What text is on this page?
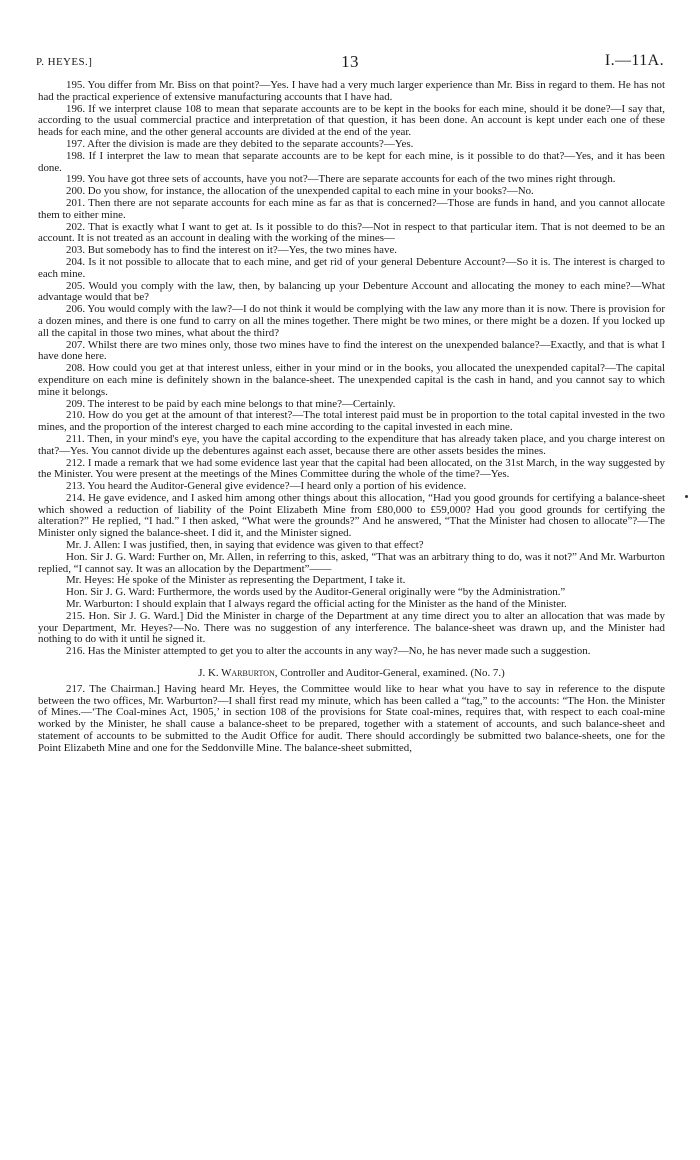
P. HEYES.]	13	I.—11A.

195. You differ from Mr. Biss on that point?—Yes. I have had a very much larger experience than Mr. Biss in regard to them. He has not had the practical experience of extensive manufacturing accounts that I have had.

196. If we interpret clause 108 to mean that separate accounts are to be kept in the books for each mine, should it be done?—I say that, according to the usual commercial practice and interpretation of that question, it has been done. An account is kept under each one of these heads for each mine, and the other general accounts are divided at the end of the year.

197. After the division is made are they debited to the separate accounts?—Yes.

198. If I interpret the law to mean that separate accounts are to be kept for each mine, is it possible to do that?—Yes, and it has been done.

199. You have got three sets of accounts, have you not?—There are separate accounts for each of the two mines right through.

200. Do you show, for instance, the allocation of the unexpended capital to each mine in your books?—No.

201. Then there are not separate accounts for each mine as far as that is concerned?—Those are funds in hand, and you cannot allocate them to either mine.

202. That is exactly what I want to get at. Is it possible to do this?—Not in respect to that particular item. That is not deemed to be an account. It is not treated as an account in dealing with the working of the mines—

203. But somebody has to find the interest on it?—Yes, the two mines have.

204. Is it not possible to allocate that to each mine, and get rid of your general Debenture Account?—So it is. The interest is charged to each mine.

205. Would you comply with the law, then, by balancing up your Debenture Account and allocating the money to each mine?—What advantage would that be?

206. You would comply with the law?—I do not think it would be complying with the law any more than it is now. There is provision for a dozen mines, and there is one fund to carry on all the mines together. There might be two mines, or there might be a dozen. If you locked up all the capital in those two mines, what about the third?

207. Whilst there are two mines only, those two mines have to find the interest on the unexpended balance?—Exactly, and that is what I have done here.

208. How could you get at that interest unless, either in your mind or in the books, you allocated the unexpended capital?—The capital expenditure on each mine is definitely shown in the balance-sheet. The unexpended capital is the cash in hand, and you cannot say to which mine it belongs.

209. The interest to be paid by each mine belongs to that mine?—Certainly.

210. How do you get at the amount of that interest?—The total interest paid must be in proportion to the total capital invested in the two mines, and the proportion of the interest charged to each mine according to the capital invested in each mine.

211. Then, in your mind's eye, you have the capital according to the expenditure that has already taken place, and you charge interest on that?—Yes. You cannot divide up the debentures against each asset, because there are other assets besides the mines.

212. I made a remark that we had some evidence last year that the capital had been allocated, on the 31st March, in the way suggested by the Minister. You were present at the meetings of the Mines Committee during the whole of the time?—Yes.

213. You heard the Auditor-General give evidence?—I heard only a portion of his evidence.

214. He gave evidence, and I asked him among other things about this allocation, “Had you good grounds for certifying a balance-sheet which showed a reduction of liability of the Point Elizabeth Mine from £80,000 to £59,000? Had you good grounds for certifying the alteration?” He replied, “I had.” I then asked, “What were the grounds?” And he answered, “That the Minister had chosen to allocate”?—The Minister only signed the balance-sheet. I did it, and the Minister signed.

Mr. J. Allen: I was justified, then, in saying that evidence was given to that effect?

Hon. Sir J. G. Ward: Further on, Mr. Allen, in referring to this, asked, “That was an arbitrary thing to do, was it not?” And Mr. Warburton replied, “I cannot say. It was an allocation by the Department”——

Mr. Heyes: He spoke of the Minister as representing the Department, I take it.

Hon. Sir J. G. Ward: Furthermore, the words used by the Auditor-General originally were “by the Administration.”

Mr. Warburton: I should explain that I always regard the official acting for the Minister as the hand of the Minister.

215. Hon. Sir J. G. Ward.] Did the Minister in charge of the Department at any time direct you to alter an allocation that was made by your Department, Mr. Heyes?—No. There was no suggestion of any interference. The balance-sheet was drawn up, and the Minister had nothing to do with it until he signed it.

216. Has the Minister attempted to get you to alter the accounts in any way?—No, he has never made such a suggestion.

J. K. Warburton, Controller and Auditor-General, examined. (No. 7.)

217. The Chairman.] Having heard Mr. Heyes, the Committee would like to hear what you have to say in reference to the dispute between the two offices, Mr. Warburton?—I shall first read my minute, which has been called a “tag,” to the accounts: “The Hon. the Minister of Mines.—‘The Coal-mines Act, 1905,’ in section 108 of the provisions for State coal-mines, requires that, with respect to each coal-mine worked by the Minister, he shall cause a balance-sheet to be prepared, together with a statement of accounts, and such balance-sheet and statement of accounts to be submitted to the Audit Office for audit. There should accordingly be submitted two balance-sheets, one for the Point Elizabeth Mine and one for the Seddonville Mine. The balance-sheet submitted,
